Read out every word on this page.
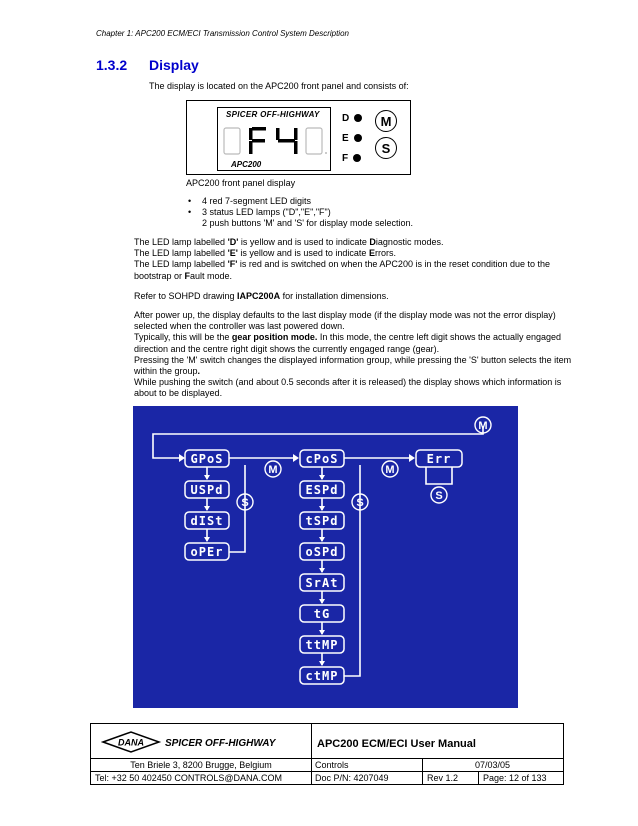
Chapter 1: APC200 ECM/ECI Transmission Control System Description
1.3.2 Display
The display is located on the APC200 front panel and consists of:
SPICER OFF-HIGHWAY
APC200
D
E
F
M
S
APC200 front panel display
• 4 red 7-segment LED digits
• 3 status LED lamps ("D","E","F")
2 push buttons 'M' and 'S' for display mode selection.
The LED lamp labelled 'D' is yellow and is used to indicate Diagnostic modes.
The LED lamp labelled 'E' is yellow and is used to indicate Errors.
The LED lamp labelled 'F' is red and is switched on when the APC200 is in the reset condition due to the bootstrap or Fault mode.
Refer to SOHPD drawing IAPC200A for installation dimensions.
After power up, the display defaults to the last display mode (if the display mode was not the error display) selected when the controller was last powered down.
Typically, this will be the gear position mode. In this mode, the centre left digit shows the actually engaged direction and the centre right digit shows the currently engaged range (gear).
Pressing the 'M' switch changes the displayed information group, while pressing the 'S' button selects the item within the group.
While pushing the switch (and about 0.5 seconds after it is released) the display shows which information is about to be displayed.
M
GPoS
USPd
dISt
oPEr
cPoS
ESPd
tSPd
oSPd
SrAt
tG
ttMP
ctMP
Err
M	M
S	S
S
DANA SPICER OFF-HIGHWAY	APC200 ECM/ECI User Manual
Ten Briele 3, 8200 Brugge, Belgium	Controls	07/03/05
Tel: +32 50 402450 CONTROLS@DANA.COM	Doc P/N: 4207049	Rev 1.2	Page: 12 of 133
